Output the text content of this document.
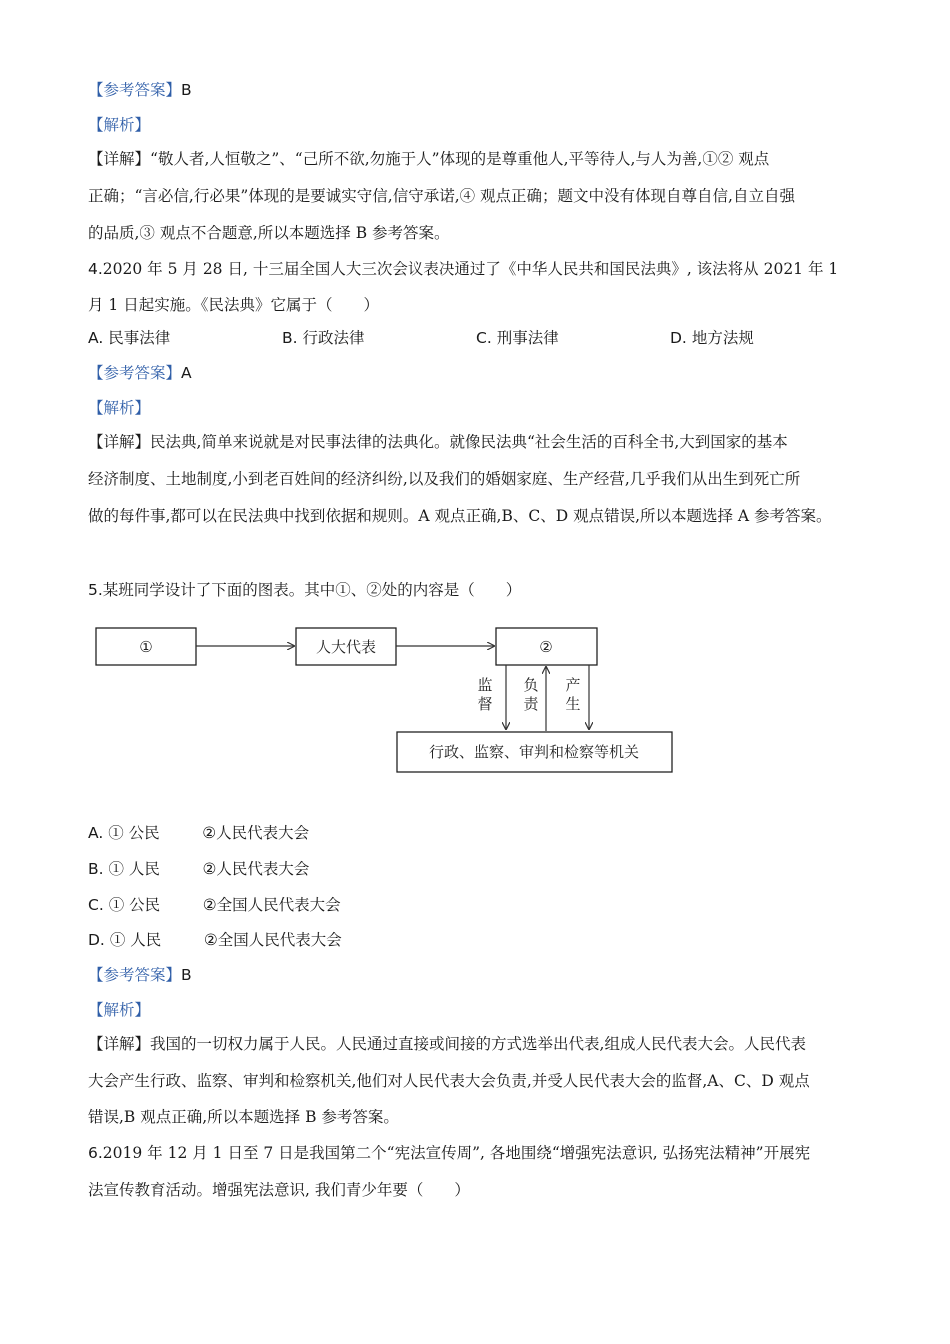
【参考答案】B
【解析】
【详解】“敬人者,人恒敬之”、“己所不欲,勿施于人”体现的是尊重他人,平等待人,与人为善,①② 观点
正确；“言必信,行必果”体现的是要诚实守信,信守承诺,④ 观点正确；题文中没有体现自尊自信,自立自强
的品质,③ 观点不合题意,所以本题选择 B 参考答案。
4.2020 年 5 月 28 日, 十三届全国人大三次会议表决通过了《中华人民共和国民法典》, 该法将从 2021 年 1
月 1 日起实施。《民法典》它属于（　　）
A. 民事法律	B. 行政法律	C. 刑事法律	D. 地方法规
【参考答案】A
【解析】
【详解】民法典,简单来说就是对民事法律的法典化。就像民法典“社会生活的百科全书,大到国家的基本
经济制度、土地制度,小到老百姓间的经济纠纷,以及我们的婚姻家庭、生产经营,几乎我们从出生到死亡所
做的每件事,都可以在民法典中找到依据和规则。A 观点正确,B、C、D 观点错误,所以本题选择 A 参考答案。
5.某班同学设计了下面的图表。其中①、②处的内容是（　　）
①	人大代表	②
监
督
负
责
产
生
行政、监察、审判和检察等机关
A. ① 公民	②人民代表大会
B. ① 人民	②人民代表大会
C. ① 公民	②全国人民代表大会
D. ① 人民	②全国人民代表大会
【参考答案】B
【解析】
【详解】我国的一切权力属于人民。人民通过直接或间接的方式选举出代表,组成人民代表大会。人民代表
大会产生行政、监察、审判和检察机关,他们对人民代表大会负责,并受人民代表大会的监督,A、C、D 观点
错误,B 观点正确,所以本题选择 B 参考答案。
6.2019 年 12 月 1 日至 7 日是我国第二个“宪法宣传周”, 各地围绕“增强宪法意识, 弘扬宪法精神”开展宪
法宣传教育活动。增强宪法意识, 我们青少年要（　　）
